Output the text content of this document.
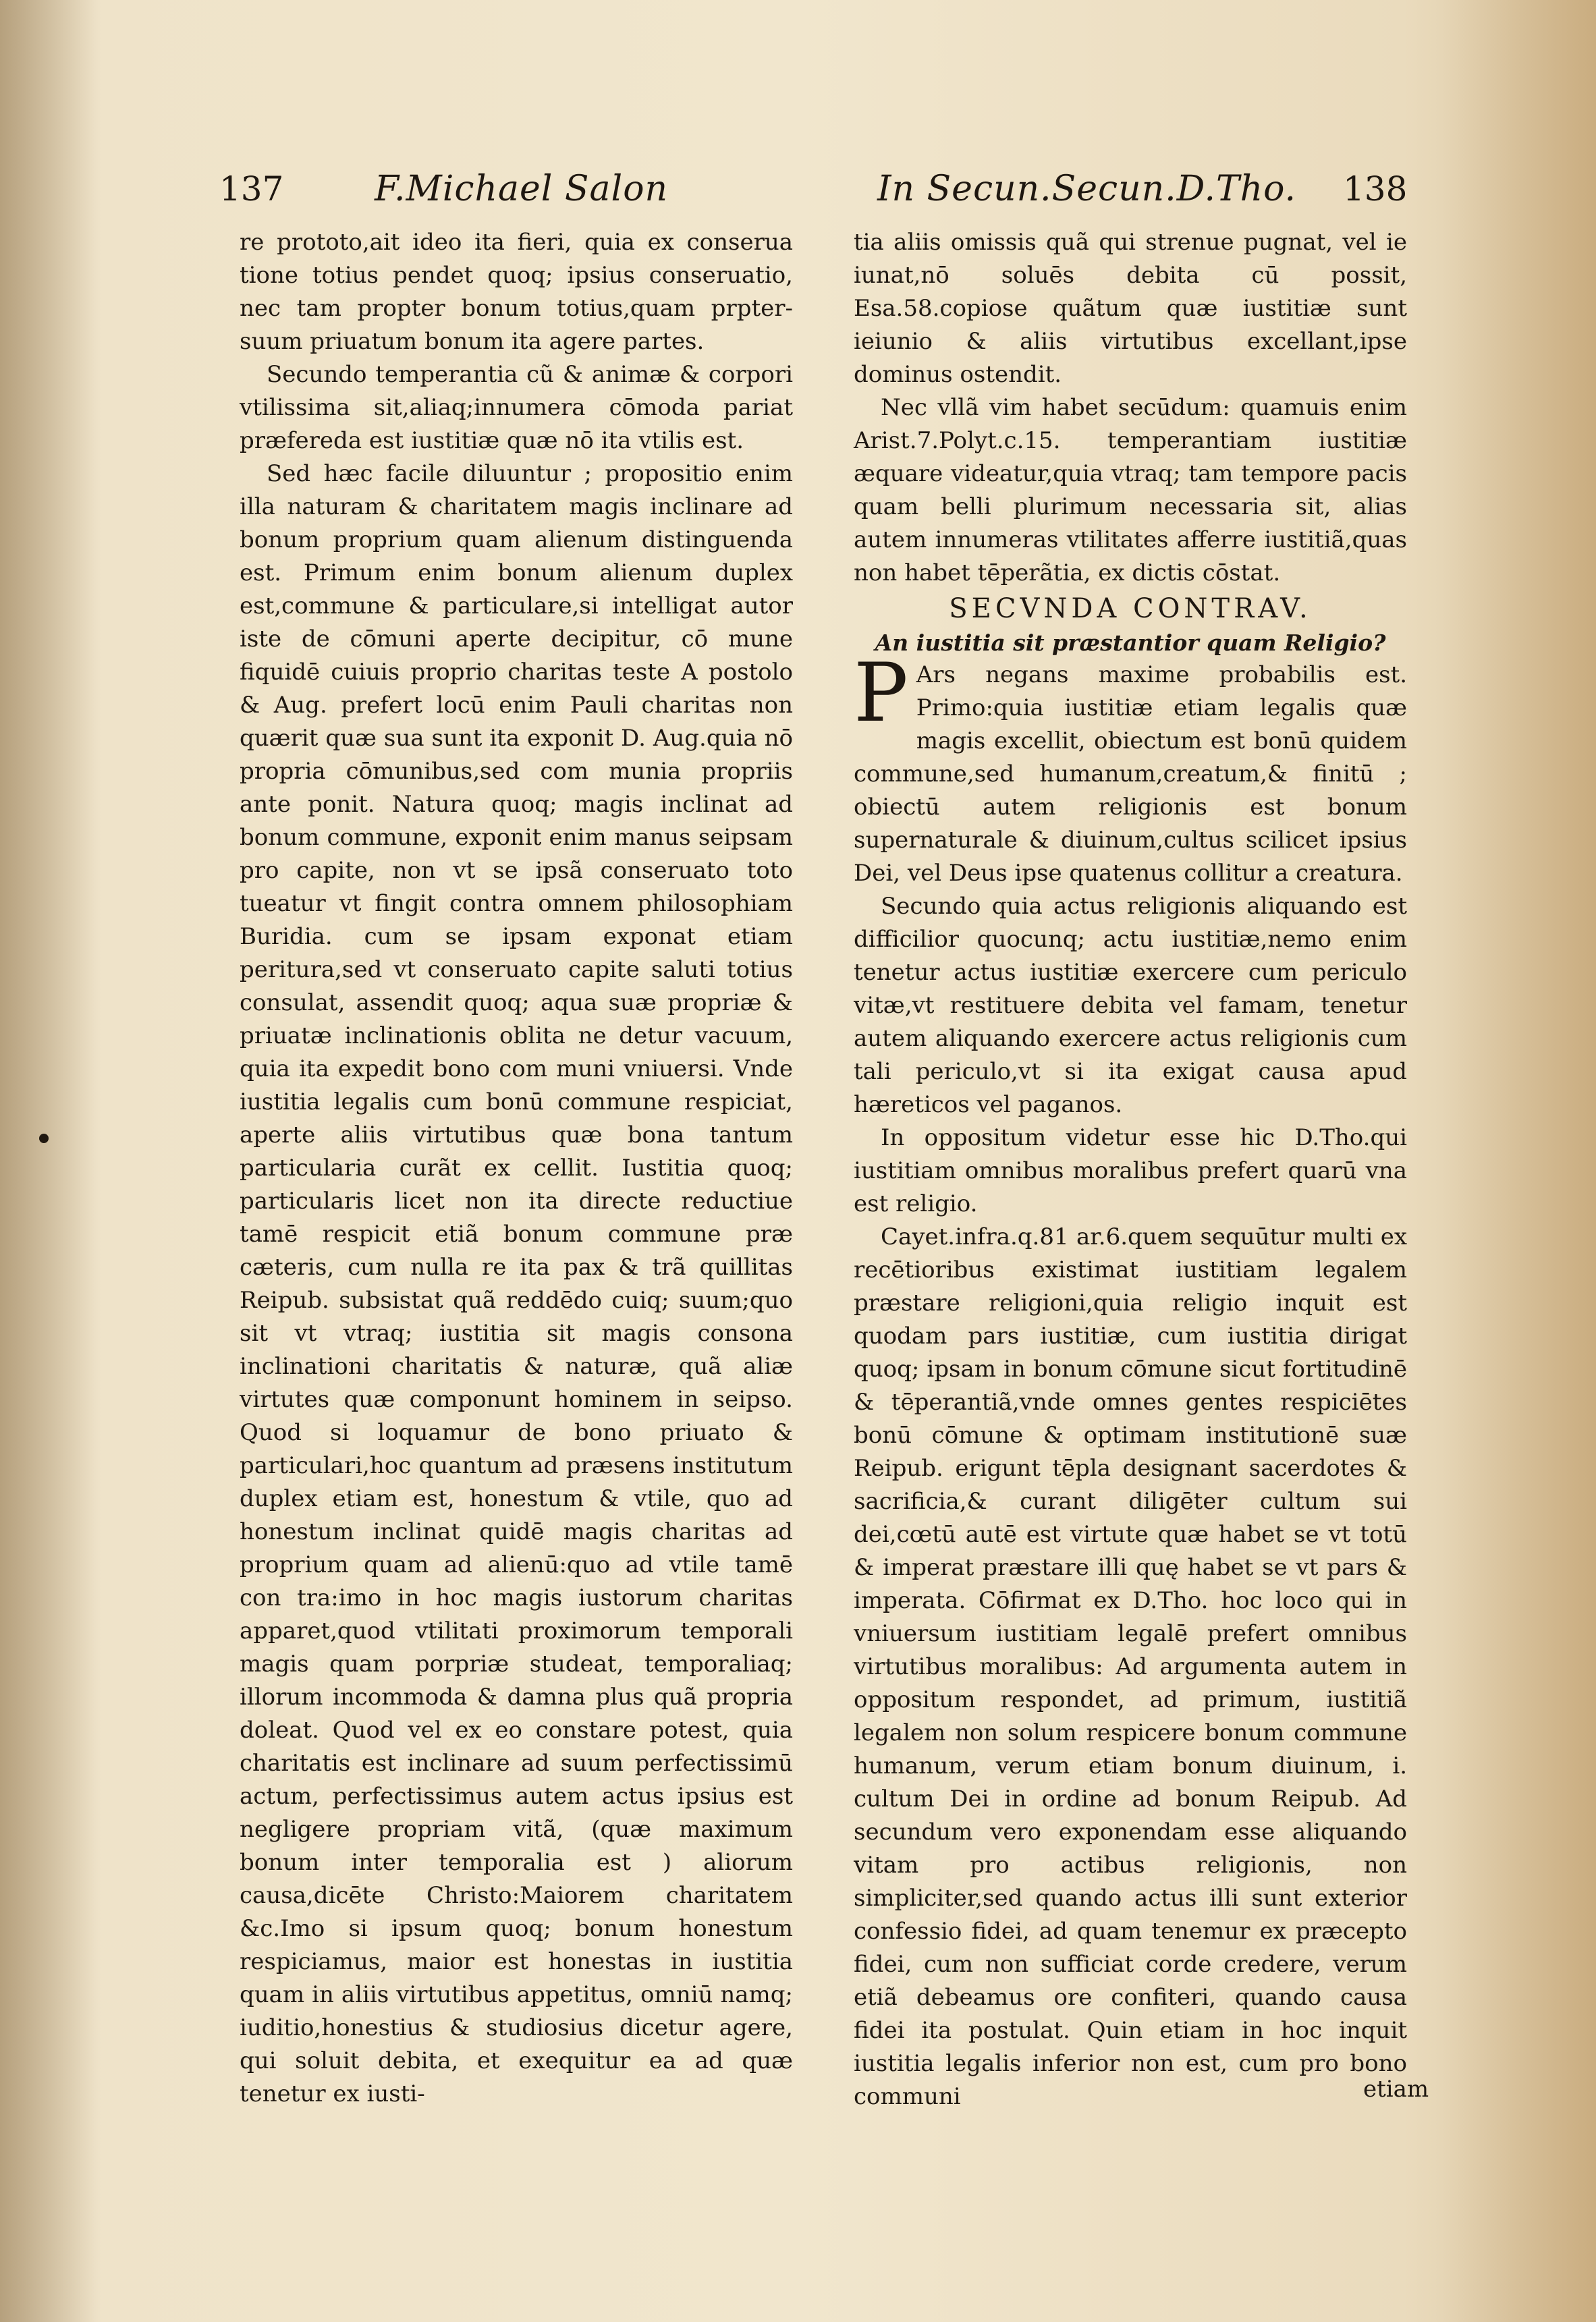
137	F.Michael Salon	In Secun.Secun.D.Tho. 138

re prototo,ait ideo ita fieri, quia ex conserua tione totius pendet quoq; ipsius conseruatio, nec tam propter bonum totius,quam prpter-suum priuatum bonum ita agere partes.

Secundo temperantia cũ & animæ & corpori vtilissima sit,aliaq;innumera cōmoda pariat præfereda est iustitiæ quæ nō ita vtilis est.

Sed hæc facile diluuntur ; propositio enim illa naturam & charitatem magis inclinare ad bonum proprium quam alienum distinguenda est. Primum enim bonum alienum duplex est,commune & particulare,si intelligat autor iste de cōmuni aperte decipitur, cō mune fiquidē cuiuis proprio charitas teste A postolo & Aug. prefert locū enim Pauli charitas non quærit quæ sua sunt ita exponit D. Aug.quia nō propria cōmunibus,sed com munia propriis ante ponit. Natura quoq; magis inclinat ad bonum commune, exponit enim manus seipsam pro capite, non vt se ipsã conseruato toto tueatur vt fingit contra omnem philosophiam Buridia. cum se ipsam exponat etiam peritura,sed vt conseruato capite saluti totius consulat, assendit quoq; aqua suæ propriæ & priuatæ inclinationis oblita ne detur vacuum, quia ita expedit bono com muni vniuersi. Vnde iustitia legalis cum bonū commune respiciat, aperte aliis virtutibus quæ bona tantum particularia curãt ex cellit. Iustitia quoq; particularis licet non ita directe reductiue tamē respicit etiã bonum commune præ cæteris, cum nulla re ita pax & trã quillitas Reipub. subsistat quã reddēdo cuiq; suum;quo sit vt vtraq; iustitia sit magis consona inclinationi charitatis & naturæ, quã aliæ virtutes quæ componunt hominem in seipso. Quod si loquamur de bono priuato & particulari,hoc quantum ad præsens institutum duplex etiam est, honestum & vtile, quo ad honestum inclinat quidē magis charitas ad proprium quam ad alienū:quo ad vtile tamē con tra:imo in hoc magis iustorum charitas apparet,quod vtilitati proximorum temporali magis quam porpriæ studeat, temporaliaq; illorum incommoda & damna plus quã propria doleat. Quod vel ex eo constare potest, quia charitatis est inclinare ad suum perfectissimū actum, perfectissimus autem actus ipsius est negligere propriam vitã, (quæ maximum bonum inter temporalia est ) aliorum causa,dicēte Christo:Maiorem charitatem &c.Imo si ipsum quoq; bonum honestum respiciamus, maior est honestas in iustitia quam in aliis virtutibus appetitus, omniū namq; iuditio,honestius & studiosius dicetur agere, qui soluit debita, et exequitur ea ad quæ tenetur ex iusti-

tia aliis omissis quã qui strenue pugnat, vel ie iunat,nō soluēs debita cū possit, Esa.58.copiose quãtum quæ iustitiæ sunt ieiunio & aliis virtutibus excellant,ipse dominus ostendit.

Nec vllã vim habet secūdum: quamuis enim Arist.7.Polyt.c.15. temperantiam iustitiæ æquare videatur,quia vtraq; tam tempore pacis quam belli plurimum necessaria sit, alias autem innumeras vtilitates afferre iustitiã,quas non habet tēperãtia, ex dictis cōstat.

SECVNDA CONTRAV.

An iustitia sit præstantior quam Religio?

P Ars negans maxime probabilis est. Primo:quia iustitiæ etiam legalis quæ magis excellit, obiectum est bonū quidem commune,sed humanum,creatum,& finitū ; obiectū autem religionis est bonum supernaturale & diuinum,cultus scilicet ipsius Dei, vel Deus ipse quatenus collitur a creatura.

Secundo quia actus religionis aliquando est difficilior quocunq; actu iustitiæ,nemo enim tenetur actus iustitiæ exercere cum periculo vitæ,vt restituere debita vel famam, tenetur autem aliquando exercere actus religionis cum tali periculo,vt si ita exigat causa apud hæreticos vel paganos.

In oppositum videtur esse hic D.Tho.qui iustitiam omnibus moralibus prefert quarū vna est religio.

Cayet.infra.q.81 ar.6.quem sequūtur multi ex recētioribus existimat iustitiam legalem præstare religioni,quia religio inquit est quodam pars iustitiæ, cum iustitia dirigat quoq; ipsam in bonum cōmune sicut fortitudinē & tēperantiã,vnde omnes gentes respiciētes bonū cōmune & optimam institutionē suæ Reipub. erigunt tēpla designant sacerdotes & sacrificia,& curant diligēter cultum sui dei,cœtū autē est virtute quæ habet se vt totū & imperat præstare illi quę habet se vt pars & imperata. Cōfirmat ex D.Tho. hoc loco qui in vniuersum iustitiam legalē prefert omnibus virtutibus moralibus: Ad argumenta autem in oppositum respondet, ad primum, iustitiã legalem non solum respicere bonum commune humanum, verum etiam bonum diuinum, i. cultum Dei in ordine ad bonum Reipub. Ad secundum vero exponendam esse aliquando vitam pro actibus religionis, non simpliciter,sed quando actus illi sunt exterior confessio fidei, ad quam tenemur ex præcepto fidei, cum non sufficiat corde credere, verum etiã debeamus ore confiteri, quando causa fidei ita postulat. Quin etiam in hoc inquit iustitia legalis inferior non est, cum pro bono communi	etiam
